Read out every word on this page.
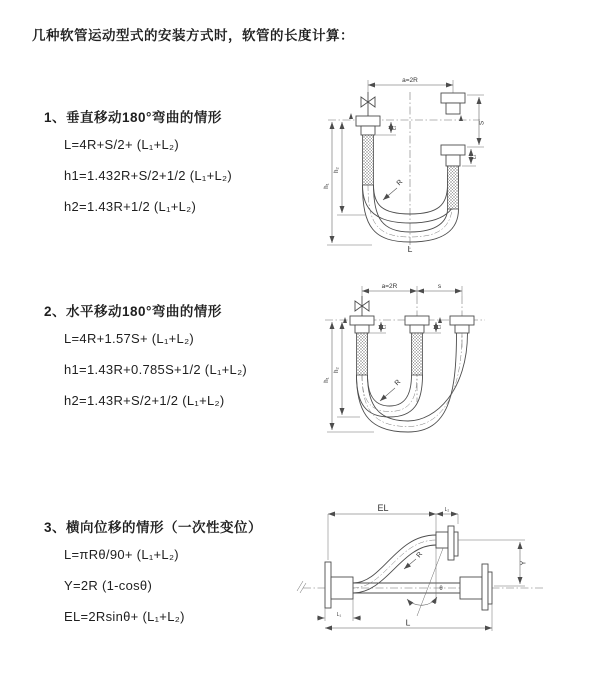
几种软管运动型式的安装方式时，软管的长度计算：
1、垂直移动180°弯曲的情形
L=4R+S/2+ (L₁+L₂)
h1=1.432R+S/2+1/2 (L₁+L₂)
h2=1.43R+1/2 (L₁+L₂)
2、水平移动180°弯曲的情形
L=4R+1.57S+ (L₁+L₂)
h1=1.43R+0.785S+1/2 (L₁+L₂)
h2=1.43R+S/2+1/2 (L₁+L₂)
3、横向位移的情形（一次性变位）
L=πRθ/90+ (L₁+L₂)
Y=2R (1-cosθ)
EL=2Rsinθ+ (L₁+L₂)
a=2R
S
L₂
L₁
h₂
h₁	R
L
a=2R	s
L₁	L₂
h₂
h₁	R
θ
EL	L₂
Y
L₁
L
R
